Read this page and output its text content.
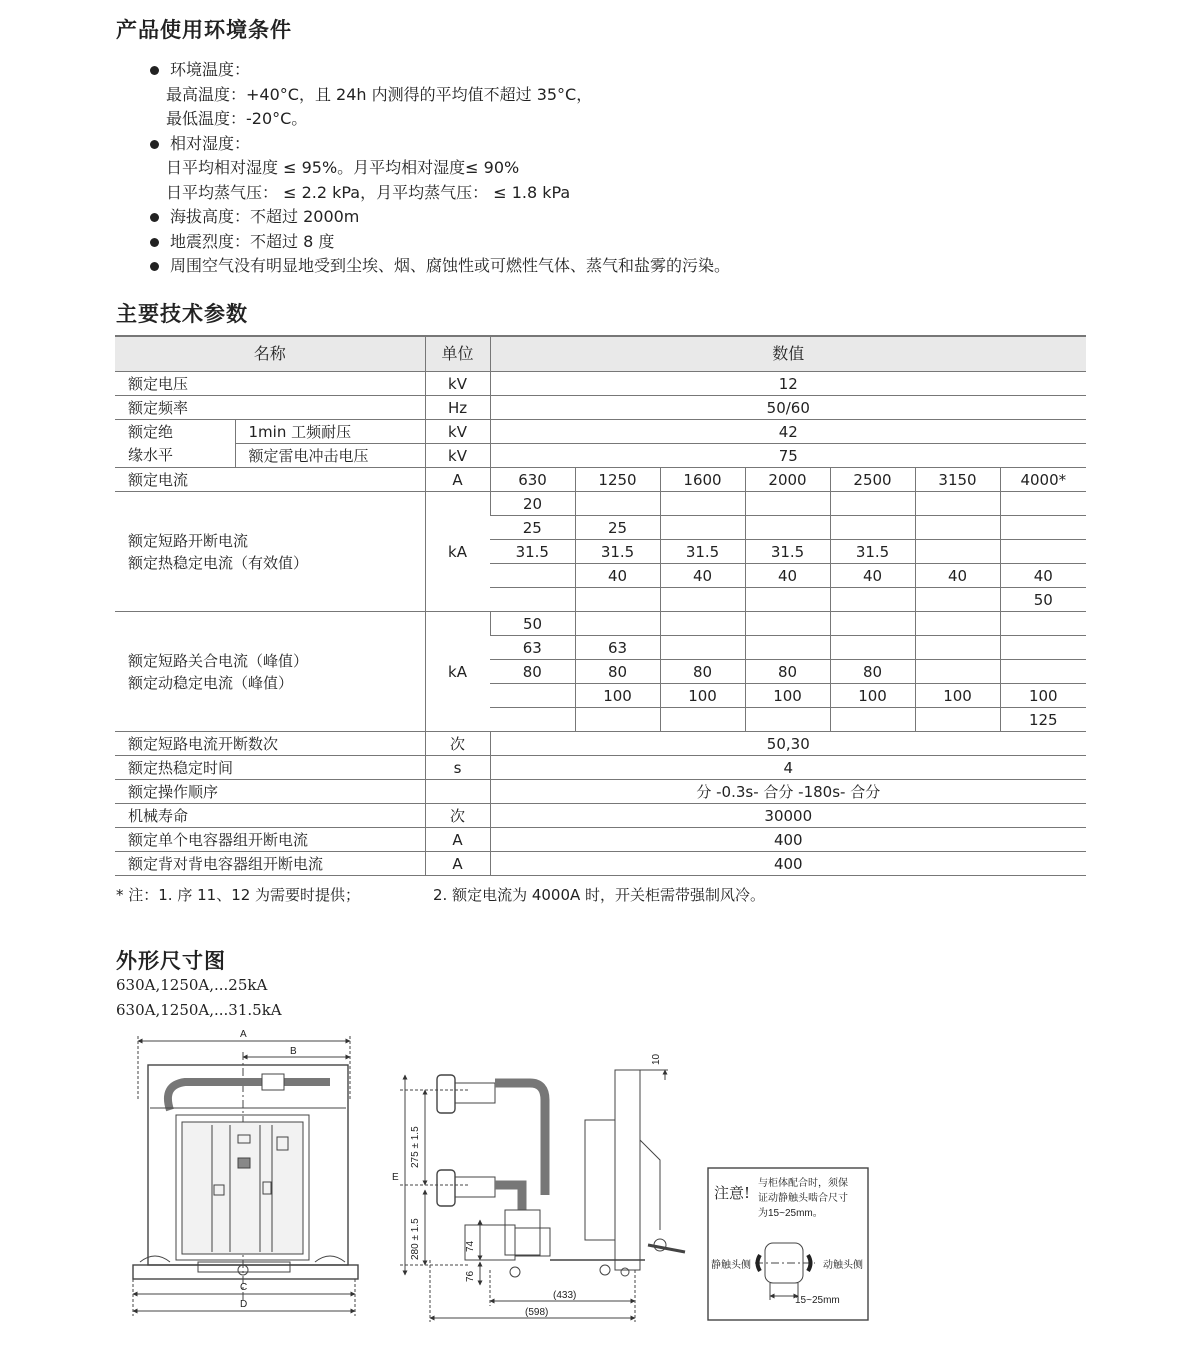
产品使用环境条件
环境温度：
最高温度：+40°C，且 24h 内测得的平均值不超过 35°C，
最低温度：-20°C。
相对湿度：
日平均相对湿度 ≤ 95%。月平均相对湿度≤ 90%
日平均蒸气压： ≤ 2.2 kPa，月平均蒸气压： ≤ 1.8 kPa
海拔高度：不超过 2000m
地震烈度：不超过 8 度
周围空气没有明显地受到尘埃、烟、腐蚀性或可燃性气体、蒸气和盐雾的污染。
主要技术参数
名称		单位	数值						
额定电压		kV	12						
额定频率		Hz	50/60						
额定绝	1min 工频耐压	kV	42						
缘水平	额定雷电冲击电压	kV	75						
额定电流		A	630	1250	1600	2000	2500	3150	4000*

额定短路开断电流
额定热稳定电流（有效值）		kA	20						
			25	25					
			31.5	31.5	31.5	31.5	31.5		
				40	40	40	40	40	40
									50

额定短路关合电流（峰值）
额定动稳定电流（峰值）		kA	50						
			63	63					
			80	80	80	80	80		
				100	100	100	100	100	100
									125
额定短路电流开断数次		次	50,30						
额定热稳定时间		s	4						
额定操作顺序			分 -0.3s- 合分 -180s- 合分						
机械寿命		次	30000						
额定单个电容器组开断电流		A	400						
额定背对背电容器组开断电流		A	400						
* 注：1. 序 11、12 为需要时提供；	2. 额定电流为 4000A 时，开关柜需带强制风冷。
外形尺寸图
630A,1250A,...25kA
630A,1250A,...31.5kA
A
B
C
D
E
275 ± 1.5
280 ± 1.5	74
76
10
(433)
(598)
注意!
与柜体配合时，须保
证动静触头啮合尺寸
为15~25mm。
静触头侧	动触头侧
15~25mm
